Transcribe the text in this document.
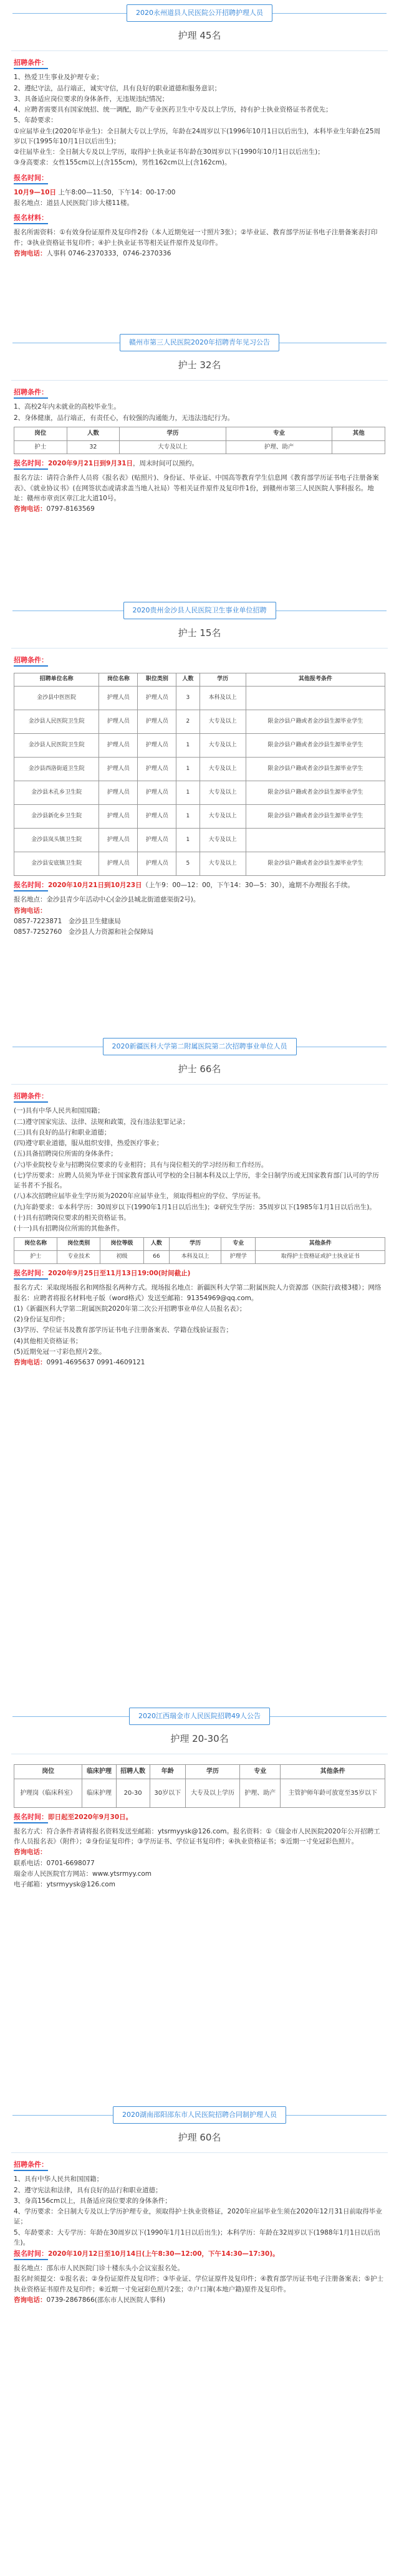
2020永州道县人民医院公开招聘护理人员
护理 45名
招聘条件：
1、热爱卫生事业及护理专业；
2、遵纪守法，品行端正，诚实守信，具有良好的职业道德和服务意识；
3、具备适应岗位要求的身体条件，无违规违纪情况；
4、应聘者需要具有国家统招、统一调配，助产专业医药卫生中专及以上学历，持有护士执业资格证书者优先；
5、年龄要求：
①应届毕业生(2020年毕业生)：全日制大专以上学历，年龄在24周岁以下(1996年10月1日以后出生)，本科毕业生年龄在25周岁以下(1995年10月1日以后出生)；
②往届毕业生：全日制大专及以上学历，取得护士执业证书年龄在30周岁以下(1990年10月1日以后出生)；
③身高要求：女性155cm以上(含155cm)，男性162cm以上(含162cm)。
报名时间：
10月9—10日 上午8:00—11:50，下午14：00-17:00
报名地点：道县人民医院门诊大楼11楼。
报名材料：
报名所需资料：①有效身份证原件及复印件2份（本人近期免冠一寸照片3张）；②毕业证、教育部学历证书电子注册备案表打印件；③执业资格证书复印件；④护士执业证书等相关证件原件及复印件。
咨询电话：人事科 0746-2370333，0746-2370336
赣州市第三人民医院2020年招聘青年见习公告
护士 32名
招聘条件：
1、高校2年内未就业的高校毕业生。
2、身体健康，品行端正，有责任心，有较强的沟通能力，无违法违纪行为。
岗位	人数	学历	专业	其他
护士	32	大专及以上	护理、助产	
报名时间：2020年9月21日到9月31日，周末时间可以预约。
报名方法：请符合条件人员将《报名表》(贴照片)、身份证、毕业证、中国高等教育学生信息网《教育部学历证书电子注册备案表》、《就业协议书》(在网签状态或请求盖当地人社局）等相关证件原件及复印件1份，到赣州市第三人民医院人事科报名。地址：赣州市章贡区章江北大道10号。
咨询电话：0797-8163569
2020贵州金沙县人民医院卫生事业单位招聘
护士 15名
招聘条件：
招聘单位名称	岗位名称	职位类别	人数	学历	其他报考条件
金沙县中医医院	护理人员	护理人员	3	本科及以上	
金沙县人民医院卫生院	护理人员	护理人员	2	大专及以上	限金沙县户籍或者金沙县生源毕业学生
金沙县人民医院卫生院	护理人员	护理人员	1	大专及以上	限金沙县户籍或者金沙县生源毕业学生
金沙县西洛街道卫生院	护理人员	护理人员	1	大专及以上	限金沙县户籍或者金沙县生源毕业学生
金沙县木孔乡卫生院	护理人员	护理人员	1	大专及以上	限金沙县户籍或者金沙县生源毕业学生
金沙县新化乡卫生院	护理人员	护理人员	1	大专及以上	限金沙县户籍或者金沙县生源毕业学生
金沙县岚头镇卫生院	护理人员	护理人员	1	大专及以上	
金沙县安底镇卫生院	护理人员	护理人员	5	大专及以上	限金沙县户籍或者金沙县生源毕业学生
报名时间：2020年10月21日到10月23日（上午9：00—12：00，下午14：30—5：30），逾期不办理报名手续。
报名地点：金沙县青少年活动中心(金沙县城北街道慈渠街2号)。
咨询电话：
0857-7223871　金沙县卫生健康局
0857-7252760　金沙县人力资源和社会保障局
2020新疆医科大学第二附属医院第二次招聘事业单位人员
护士 66名
招聘条件：
(一)具有中华人民共和国国籍；
(二)遵守国家宪法、法律、法规和政策，没有违法犯罪记录；
(三)具有良好的品行和职业道德；
(四)遵守职业道德，服从组织安排，热爱医疗事业；
(五)具备招聘岗位所需的身体条件；
(六)毕业院校专业与招聘岗位要求的专业相符；具有与岗位相关的学习经历和工作经历。
(七)学历要求：应聘人员须为毕业于国家教育部认可学校的全日制本科及以上学历，非全日制学历或无国家教育部门认可的学历证书者不予报名。
(八)本次招聘应届毕业生学历须为2020年应届毕业生，须取得相应的学位、学历证书。
(九)年龄要求：①本科学历：30周岁以下(1990年1月1日以后出生)；②研究生学历：35周岁以下(1985年1月1日以后出生)。
(十)具有招聘岗位要求的相关资格证书。
(十一)具有招聘岗位所需的其他条件。
岗位名称	岗位类别	岗位等级	人数	学历	专业	其他条件
护士	专业技术	初级	66	本科及以上	护理学	取得护士资格证或护士执业证书
报名时间：2020年9月25日至11月13日19:00(时间截止)
报名方式：采取现场报名和网络报名两种方式。现场报名地点：新疆医科大学第二附属医院人力资源部（医院行政楼3楼）；网络报名：应聘者将报名材料电子版（word格式）发送至邮箱：91354969@qq.com。
(1)《新疆医科大学第二附属医院2020年第二次公开招聘事业单位人员报名表》；
(2)身份证复印件；
(3)学历、学位证书及教育部学历证书电子注册备案表、学籍在线验证报告；
(4)其他相关资格证书；
(5)近期免冠一寸彩色照片2张。
咨询电话：0991-4695637 0991-4609121
2020江西瑞金市人民医院招聘49人公告
护理 20-30名
岗位	临床护理	招聘人数	年龄	学历	专业	其他条件
护理岗（临床科室）	临床护理	20-30	30岁以下	大专及以上学历	护理、助产	主管护师年龄可放宽至35岁以下
报名时间：即日起至2020年9月30日。
报名方式：符合条件者请将报名资料发送至邮箱：ytsrmyysk@126.com。报名资料：①《瑞金市人民医院2020年公开招聘工作人员报名表》（附件）；②身份证复印件；③学历证书、学位证书复印件；④执业资格证书；⑤近期一寸免冠彩色照片。
咨询电话：
联系电话：0701-6698077
瑞金市人民医院官方网站：www.ytsrmyy.com
电子邮箱：ytsrmyysk@126.com
2020湖南邵阳邵东市人民医院招聘合同制护理人员
护理 60名
招聘条件：
1、具有中华人民共和国国籍；
2、遵守宪法和法律，具有良好的品行和职业道德；
3、身高156cm以上，具备适应岗位要求的身体条件；
4、学历要求：全日制大专及以上学历护理专业，须取得护士执业资格证，2020年应届毕业生须在2020年12月31日前取得毕业证；
5、年龄要求：大专学历：年龄在30周岁以下(1990年1月1日以后出生)；本科学历：年龄在32周岁以下(1988年1月1日以后出生)。
报名时间：2020年10月12日至10月14日(上午8:30—12:00，下午14:30—17:30)。
报名地点：邵东市人民医院门诊十楼东头小会议室报名处。
报名时须提交：①报名表；②身份证原件及复印件；③毕业证、学位证原件及复印件；④教育部学历证书电子注册备案表；⑤护士执业资格证书原件及复印件；⑥近期一寸免冠彩色照片2张；⑦户口簿(本地户籍)原件及复印件。
咨询电话：0739-2867866(邵东市人民医院人事科)
